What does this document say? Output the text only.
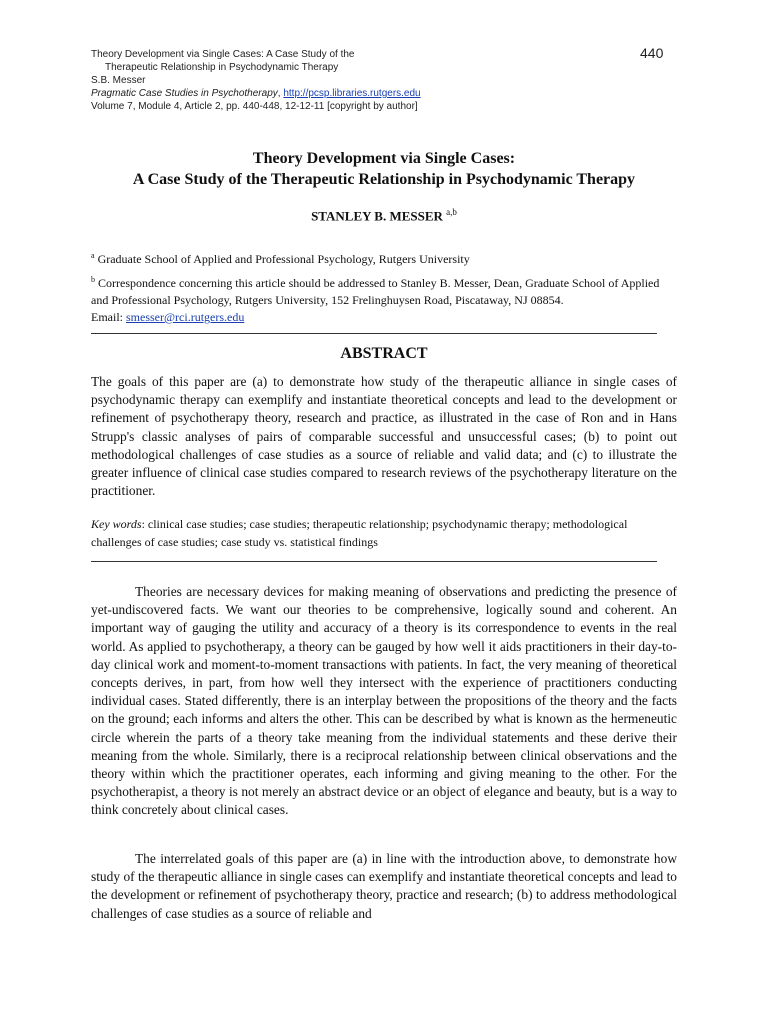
Theory Development via Single Cases: A Case Study of the

Therapeutic Relationship in Psychodynamic Therapy
S.B. Messer
Pragmatic Case Studies in Psychotherapy, http://pcsp.libraries.rutgers.edu
Volume 7, Module 4, Article 2, pp. 440-448, 12-12-11 [copyright by author]
440
Theory Development via Single Cases:
A Case Study of the Therapeutic Relationship in Psychodynamic Therapy
STANLEY B. MESSER $^{a,b}$
$^a$ Graduate School of Applied and Professional Psychology, Rutgers University
$^b$ Correspondence concerning this article should be addressed to Stanley B. Messer, Dean, Graduate School of Applied and Professional Psychology, Rutgers University, 152 Frelinghuysen Road, Piscataway, NJ 08854.
Email: smesser@rci.rutgers.edu
ABSTRACT
The goals of this paper are (a) to demonstrate how study of the therapeutic alliance in single cases of psychodynamic therapy can exemplify and instantiate theoretical concepts and lead to the development or refinement of psychotherapy theory, research and practice, as illustrated in the case of Ron and in Hans Strupp's classic analyses of pairs of comparable successful and unsuccessful cases; (b) to point out methodological challenges of case studies as a source of reliable and valid data; and (c) to illustrate the greater influence of clinical case studies compared to research reviews of the psychotherapy literature on the practitioner.
Key words: clinical case studies; case studies; therapeutic relationship; psychodynamic therapy; methodological challenges of case studies; case study vs. statistical findings
Theories are necessary devices for making meaning of observations and predicting the presence of yet-undiscovered facts. We want our theories to be comprehensive, logically sound and coherent. An important way of gauging the utility and accuracy of a theory is its correspondence to events in the real world. As applied to psychotherapy, a theory can be gauged by how well it aids practitioners in their day-to-day clinical work and moment-to-moment transactions with patients. In fact, the very meaning of theoretical concepts derives, in part, from how well they intersect with the experience of practitioners conducting individual cases. Stated differently, there is an interplay between the propositions of the theory and the facts on the ground; each informs and alters the other. This can be described by what is known as the hermeneutic circle wherein the parts of a theory take meaning from the individual statements and these derive their meaning from the whole. Similarly, there is a reciprocal relationship between clinical observations and the theory within which the practitioner operates, each informing and giving meaning to the other. For the psychotherapist, a theory is not merely an abstract device or an object of elegance and beauty, but is a way to think concretely about clinical cases.
The interrelated goals of this paper are (a) in line with the introduction above, to demonstrate how study of the therapeutic alliance in single cases can exemplify and instantiate theoretical concepts and lead to the development or refinement of psychotherapy theory, practice and research; (b) to address methodological challenges of case studies as a source of reliable and
